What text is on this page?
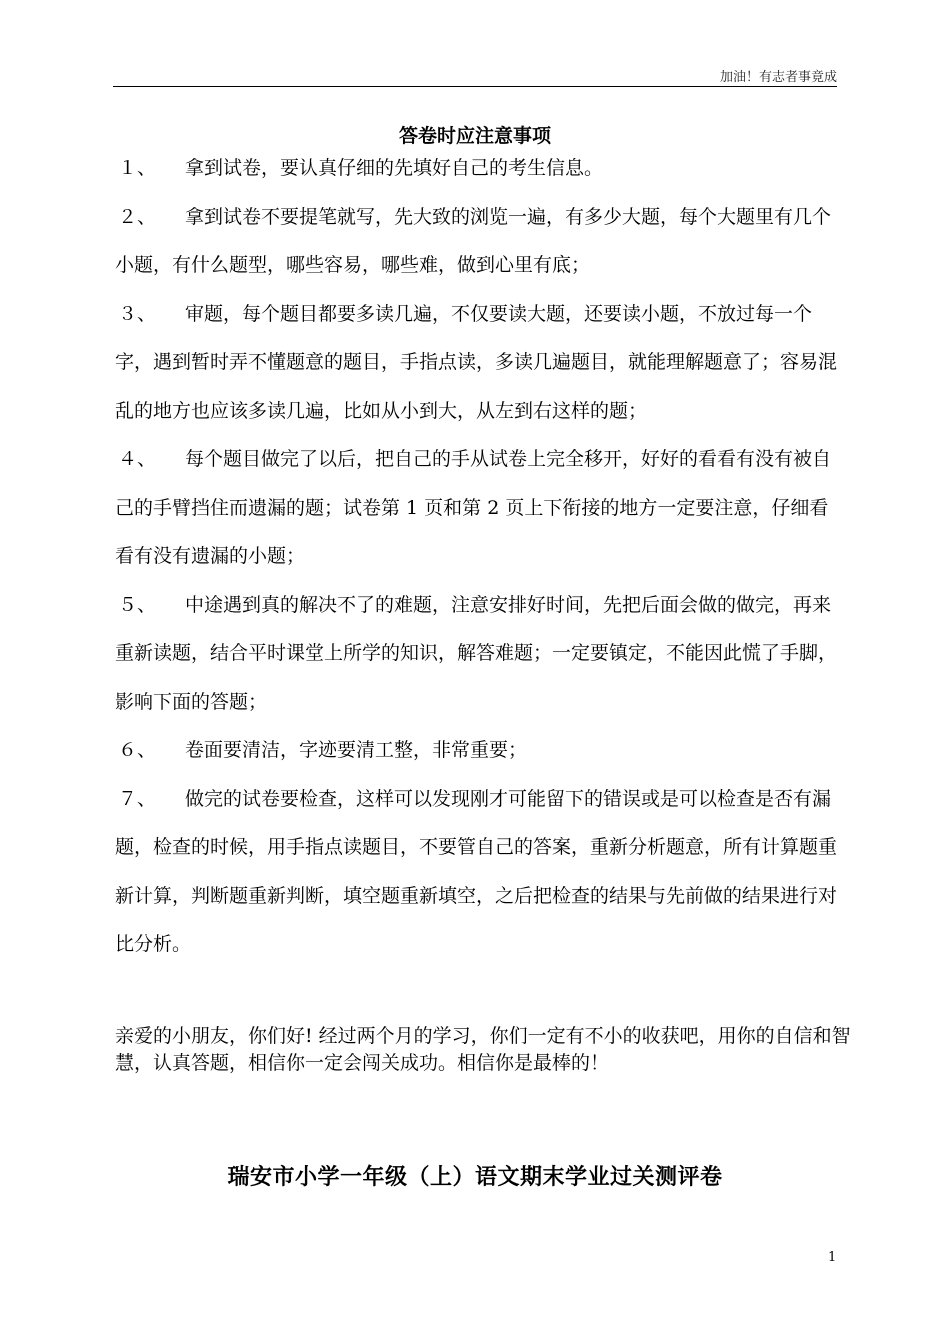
加油！有志者事竟成
答卷时应注意事项

１、 拿到试卷，要认真仔细的先填好自己的考生信息。

２、 拿到试卷不要提笔就写，先大致的浏览一遍，有多少大题，每个大题里有几个小题，有什么题型，哪些容易，哪些难，做到心里有底；

３、 审题，每个题目都要多读几遍，不仅要读大题，还要读小题，不放过每一个字，遇到暂时弄不懂题意的题目，手指点读，多读几遍题目，就能理解题意了；容易混乱的地方也应该多读几遍，比如从小到大，从左到右这样的题；

４、 每个题目做完了以后，把自己的手从试卷上完全移开，好好的看看有没有被自己的手臂挡住而遗漏的题；试卷第 1 页和第 2 页上下衔接的地方一定要注意，仔细看看有没有遗漏的小题；

５、 中途遇到真的解决不了的难题，注意安排好时间，先把后面会做的做完，再来重新读题，结合平时课堂上所学的知识，解答难题；一定要镇定，不能因此慌了手脚，影响下面的答题；

６、 卷面要清洁，字迹要清工整，非常重要；

７、 做完的试卷要检查，这样可以发现刚才可能留下的错误或是可以检查是否有漏题，检查的时候，用手指点读题目，不要管自己的答案，重新分析题意，所有计算题重新计算，判断题重新判断，填空题重新填空，之后把检查的结果与先前做的结果进行对比分析。

亲爱的小朋友，你们好! 经过两个月的学习，你们一定有不小的收获吧，用你的自信和智慧，认真答题，相信你一定会闯关成功。相信你是最棒的！
瑞安市小学一年级（上）语文期末学业过关测评卷
1
